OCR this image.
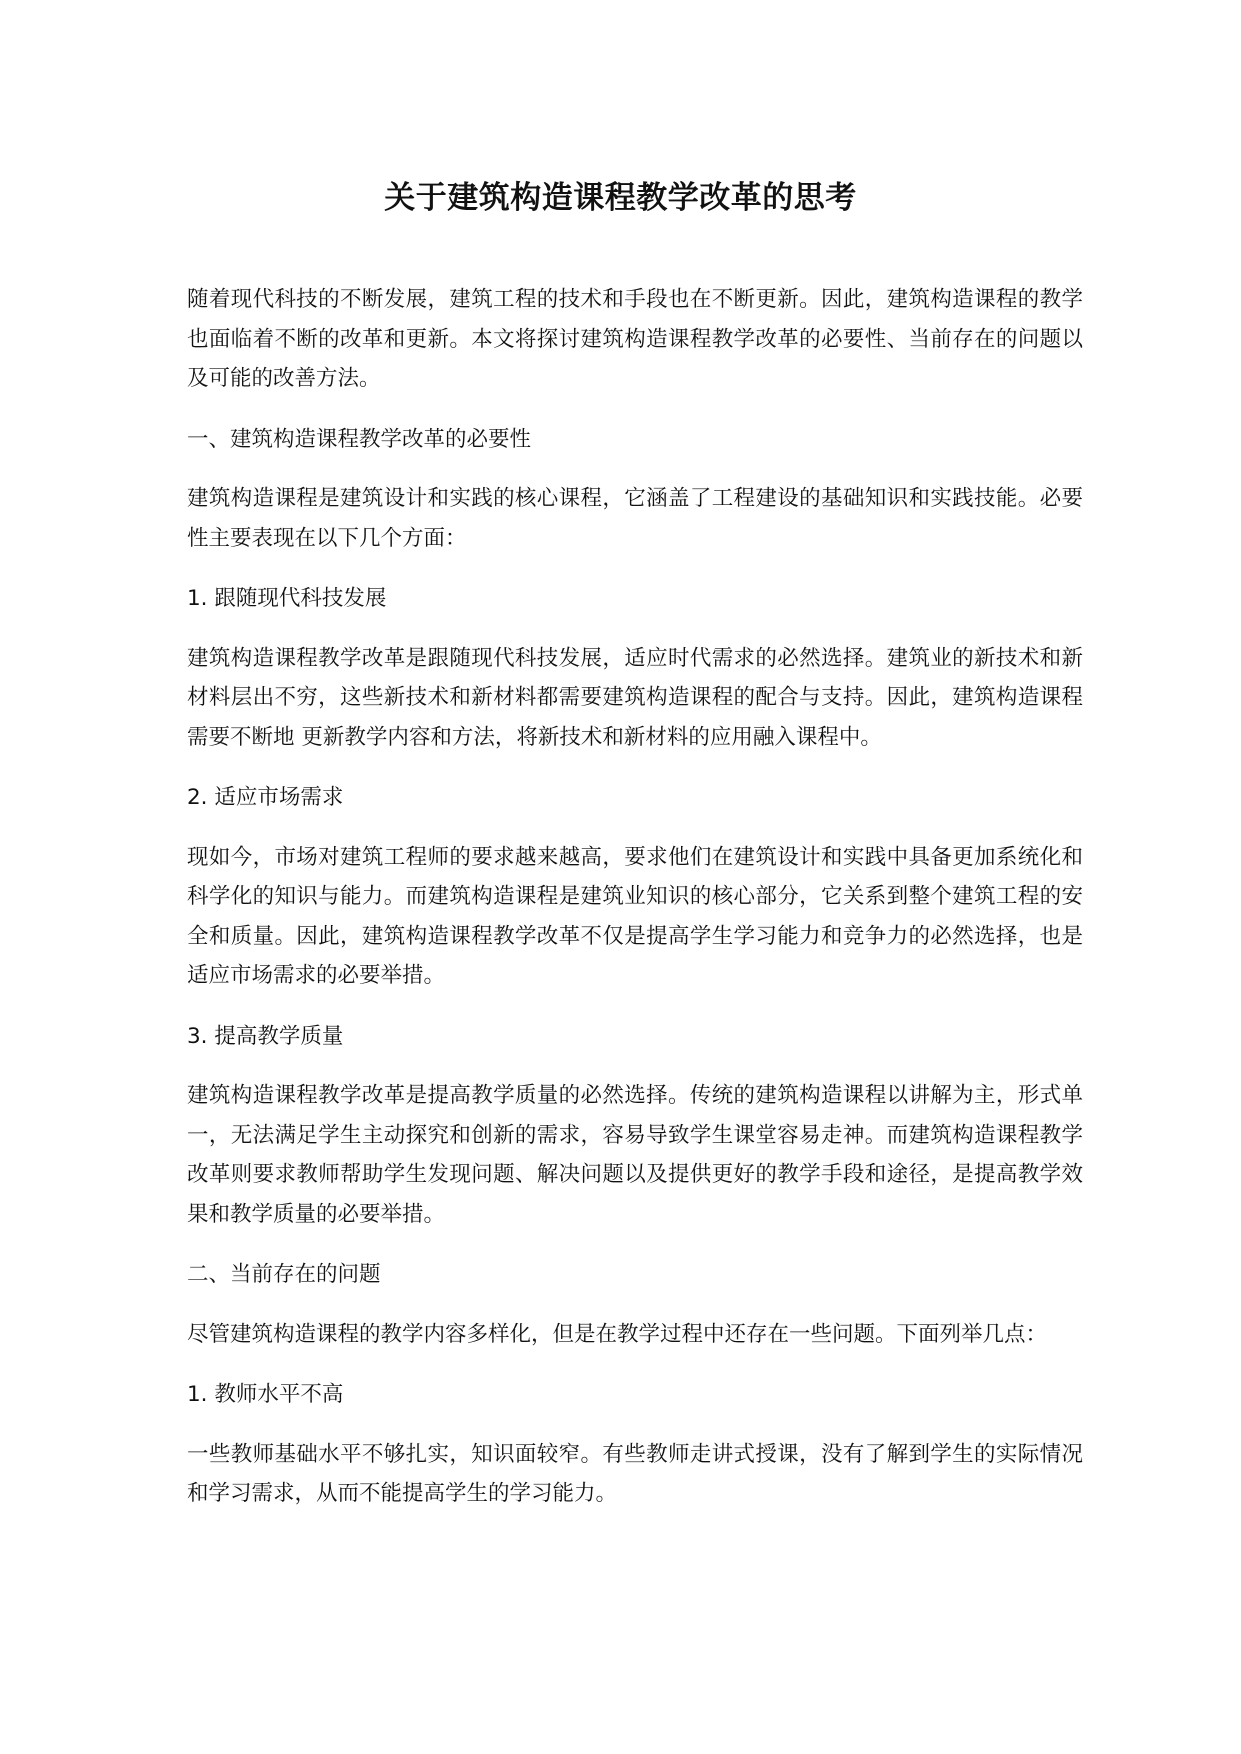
关于建筑构造课程教学改革的思考

随着现代科技的不断发展，建筑工程的技术和手段也在不断更新。因此，建筑构造课程的教学也面临着不断的改革和更新。本文将探讨建筑构造课程教学改革的必要性、当前存在的问题以及可能的改善方法。

一、建筑构造课程教学改革的必要性

建筑构造课程是建筑设计和实践的核心课程，它涵盖了工程建设的基础知识和实践技能。必要性主要表现在以下几个方面：

1. 跟随现代科技发展

建筑构造课程教学改革是跟随现代科技发展，适应时代需求的必然选择。建筑业的新技术和新材料层出不穷，这些新技术和新材料都需要建筑构造课程的配合与支持。因此，建筑构造课程需要不断地 更新教学内容和方法，将新技术和新材料的应用融入课程中。

2. 适应市场需求

现如今，市场对建筑工程师的要求越来越高，要求他们在建筑设计和实践中具备更加系统化和科学化的知识与能力。而建筑构造课程是建筑业知识的核心部分，它关系到整个建筑工程的安全和质量。因此，建筑构造课程教学改革不仅是提高学生学习能力和竞争力的必然选择，也是适应市场需求的必要举措。

3. 提高教学质量

建筑构造课程教学改革是提高教学质量的必然选择。传统的建筑构造课程以讲解为主，形式单一，无法满足学生主动探究和创新的需求，容易导致学生课堂容易走神。而建筑构造课程教学改革则要求教师帮助学生发现问题、解决问题以及提供更好的教学手段和途径，是提高教学效果和教学质量的必要举措。

二、当前存在的问题

尽管建筑构造课程的教学内容多样化，但是在教学过程中还存在一些问题。下面列举几点：

1. 教师水平不高

一些教师基础水平不够扎实，知识面较窄。有些教师走讲式授课，没有了解到学生的实际情况和学习需求，从而不能提高学生的学习能力。
